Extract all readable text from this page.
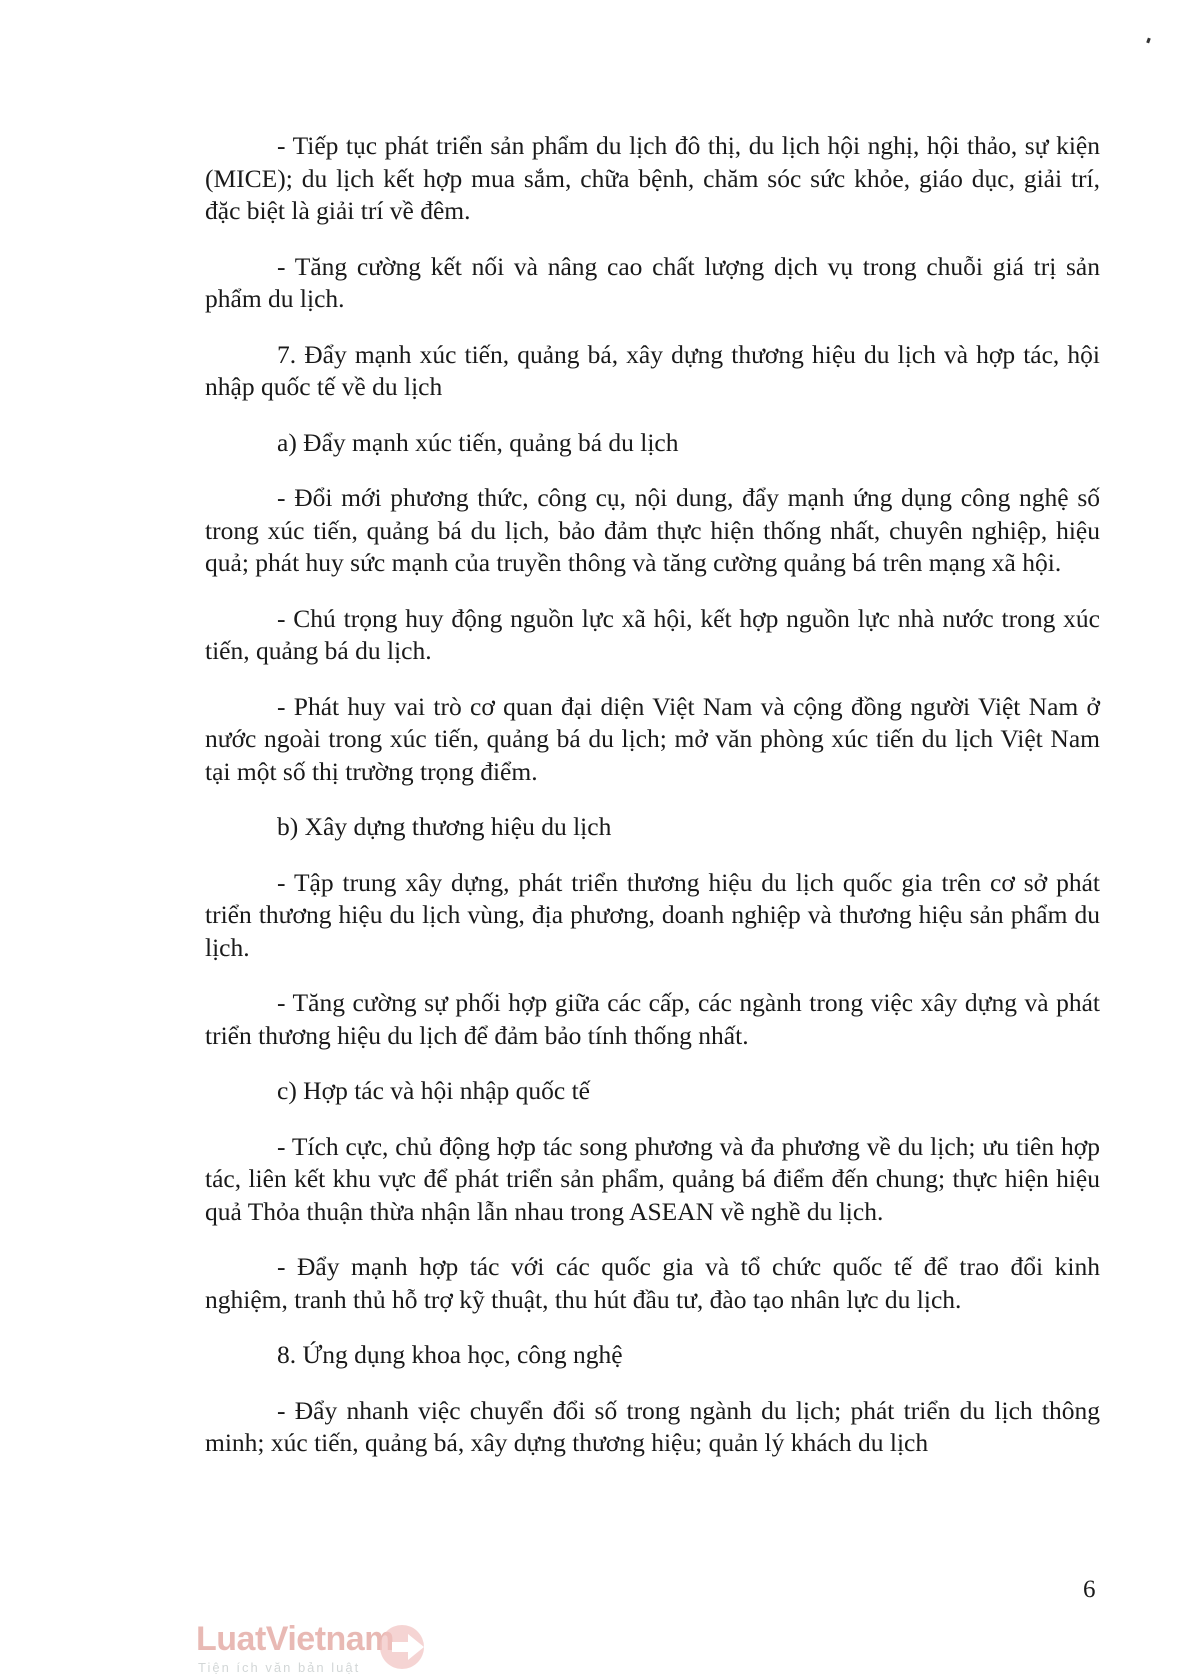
- Tiếp tục phát triển sản phẩm du lịch đô thị, du lịch hội nghị, hội thảo, sự kiện (MICE); du lịch kết hợp mua sắm, chữa bệnh, chăm sóc sức khỏe, giáo dục, giải trí, đặc biệt là giải trí về đêm.

- Tăng cường kết nối và nâng cao chất lượng dịch vụ trong chuỗi giá trị sản phẩm du lịch.

7. Đẩy mạnh xúc tiến, quảng bá, xây dựng thương hiệu du lịch và hợp tác, hội nhập quốc tế về du lịch

a) Đẩy mạnh xúc tiến, quảng bá du lịch

- Đổi mới phương thức, công cụ, nội dung, đẩy mạnh ứng dụng công nghệ số trong xúc tiến, quảng bá du lịch, bảo đảm thực hiện thống nhất, chuyên nghiệp, hiệu quả; phát huy sức mạnh của truyền thông và tăng cường quảng bá trên mạng xã hội.

- Chú trọng huy động nguồn lực xã hội, kết hợp nguồn lực nhà nước trong xúc tiến, quảng bá du lịch.

- Phát huy vai trò cơ quan đại diện Việt Nam và cộng đồng người Việt Nam ở nước ngoài trong xúc tiến, quảng bá du lịch; mở văn phòng xúc tiến du lịch Việt Nam tại một số thị trường trọng điểm.

b) Xây dựng thương hiệu du lịch

- Tập trung xây dựng, phát triển thương hiệu du lịch quốc gia trên cơ sở phát triển thương hiệu du lịch vùng, địa phương, doanh nghiệp và thương hiệu sản phẩm du lịch.

- Tăng cường sự phối hợp giữa các cấp, các ngành trong việc xây dựng và phát triển thương hiệu du lịch để đảm bảo tính thống nhất.

c) Hợp tác và hội nhập quốc tế

- Tích cực, chủ động hợp tác song phương và đa phương về du lịch; ưu tiên hợp tác, liên kết khu vực để phát triển sản phẩm, quảng bá điểm đến chung; thực hiện hiệu quả Thỏa thuận thừa nhận lẫn nhau trong ASEAN về nghề du lịch.

- Đẩy mạnh hợp tác với các quốc gia và tổ chức quốc tế để trao đổi kinh nghiệm, tranh thủ hỗ trợ kỹ thuật, thu hút đầu tư, đào tạo nhân lực du lịch.

8. Ứng dụng khoa học, công nghệ

- Đẩy nhanh việc chuyển đổi số trong ngành du lịch; phát triển du lịch thông minh; xúc tiến, quảng bá, xây dựng thương hiệu; quản lý khách du lịch

6
LuatVietnam
Tiện ích văn bản luật
